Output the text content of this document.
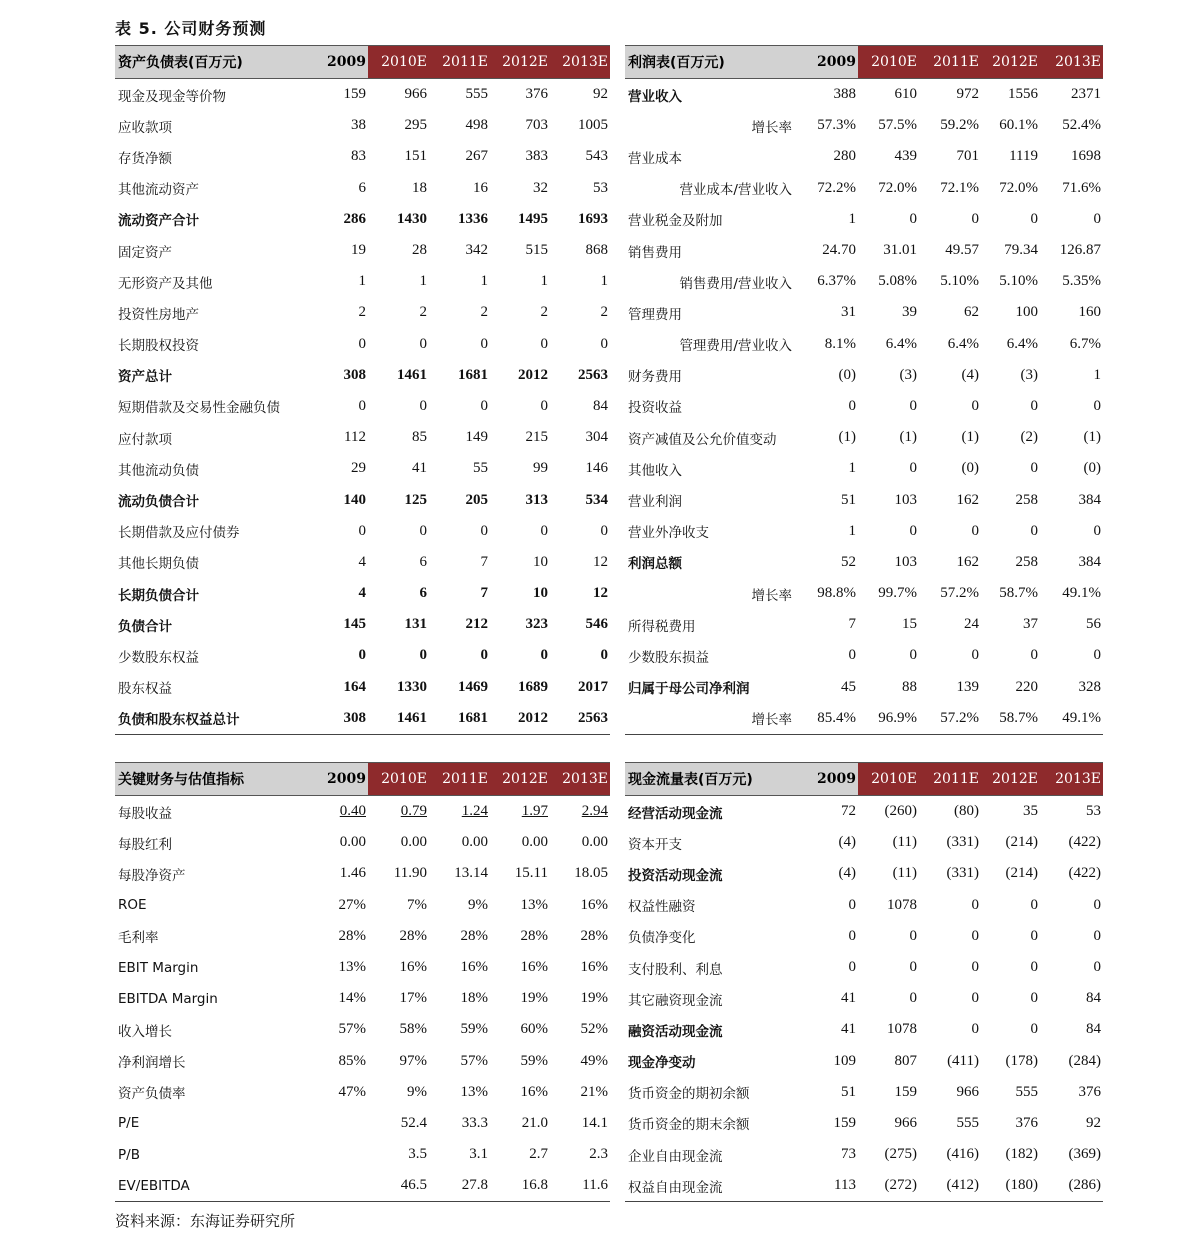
表 5. 公司财务预测
资产负债表(百万元)	2009	2010E	2011E	2012E	2013E
现金及现金等价物	159	966	555	376	92
应收款项	38	295	498	703	1005
存货净额	83	151	267	383	543
其他流动资产	6	18	16	32	53
流动资产合计	286	1430	1336	1495	1693
固定资产	19	28	342	515	868
无形资产及其他	1	1	1	1	1
投资性房地产	2	2	2	2	2
长期股权投资	0	0	0	0	0
资产总计	308	1461	1681	2012	2563
短期借款及交易性金融负债	0	0	0	0	84
应付款项	112	85	149	215	304
其他流动负债	29	41	55	99	146
流动负债合计	140	125	205	313	534
长期借款及应付债券	0	0	0	0	0
其他长期负债	4	6	7	10	12
长期负债合计	4	6	7	10	12
负债合计	145	131	212	323	546
少数股东权益	0	0	0	0	0
股东权益	164	1330	1469	1689	2017
负债和股东权益总计	308	1461	1681	2012	2563
利润表(百万元)	2009	2010E	2011E	2012E	2013E
营业收入	388	610	972	1556	2371
增长率	57.3%	57.5%	59.2%	60.1%	52.4%
营业成本	280	439	701	1119	1698
营业成本/营业收入	72.2%	72.0%	72.1%	72.0%	71.6%
营业税金及附加	1	0	0	0	0
销售费用	24.70	31.01	49.57	79.34	126.87
销售费用/营业收入	6.37%	5.08%	5.10%	5.10%	5.35%
管理费用	31	39	62	100	160
管理费用/营业收入	8.1%	6.4%	6.4%	6.4%	6.7%
财务费用	(0)	(3)	(4)	(3)	1
投资收益	0	0	0	0	0
资产减值及公允价值变动	(1)	(1)	(1)	(2)	(1)
其他收入	1	0	(0)	0	(0)
营业利润	51	103	162	258	384
营业外净收支	1	0	0	0	0
利润总额	52	103	162	258	384
增长率	98.8%	99.7%	57.2%	58.7%	49.1%
所得税费用	7	15	24	37	56
少数股东损益	0	0	0	0	0
归属于母公司净利润	45	88	139	220	328
增长率	85.4%	96.9%	57.2%	58.7%	49.1%
关键财务与估值指标	2009	2010E	2011E	2012E	2013E
每股收益	0.40	0.79	1.24	1.97	2.94
每股红利	0.00	0.00	0.00	0.00	0.00
每股净资产	1.46	11.90	13.14	15.11	18.05
ROE	27%	7%	9%	13%	16%
毛利率	28%	28%	28%	28%	28%
EBIT Margin	13%	16%	16%	16%	16%
EBITDA Margin	14%	17%	18%	19%	19%
收入增长	57%	58%	59%	60%	52%
净利润增长	85%	97%	57%	59%	49%
资产负债率	47%	9%	13%	16%	21%
P/E		52.4	33.3	21.0	14.1
P/B		3.5	3.1	2.7	2.3
EV/EBITDA		46.5	27.8	16.8	11.6
现金流量表(百万元)	2009	2010E	2011E	2012E	2013E
经营活动现金流	72	(260)	(80)	35	53
资本开支	(4)	(11)	(331)	(214)	(422)
投资活动现金流	(4)	(11)	(331)	(214)	(422)
权益性融资	0	1078	0	0	0
负债净变化	0	0	0	0	0
支付股利、利息	0	0	0	0	0
其它融资现金流	41	0	0	0	84
融资活动现金流	41	1078	0	0	84
现金净变动	109	807	(411)	(178)	(284)
货币资金的期初余额	51	159	966	555	376
货币资金的期末余额	159	966	555	376	92
企业自由现金流	73	(275)	(416)	(182)	(369)
权益自由现金流	113	(272)	(412)	(180)	(286)
资料来源：东海证券研究所
